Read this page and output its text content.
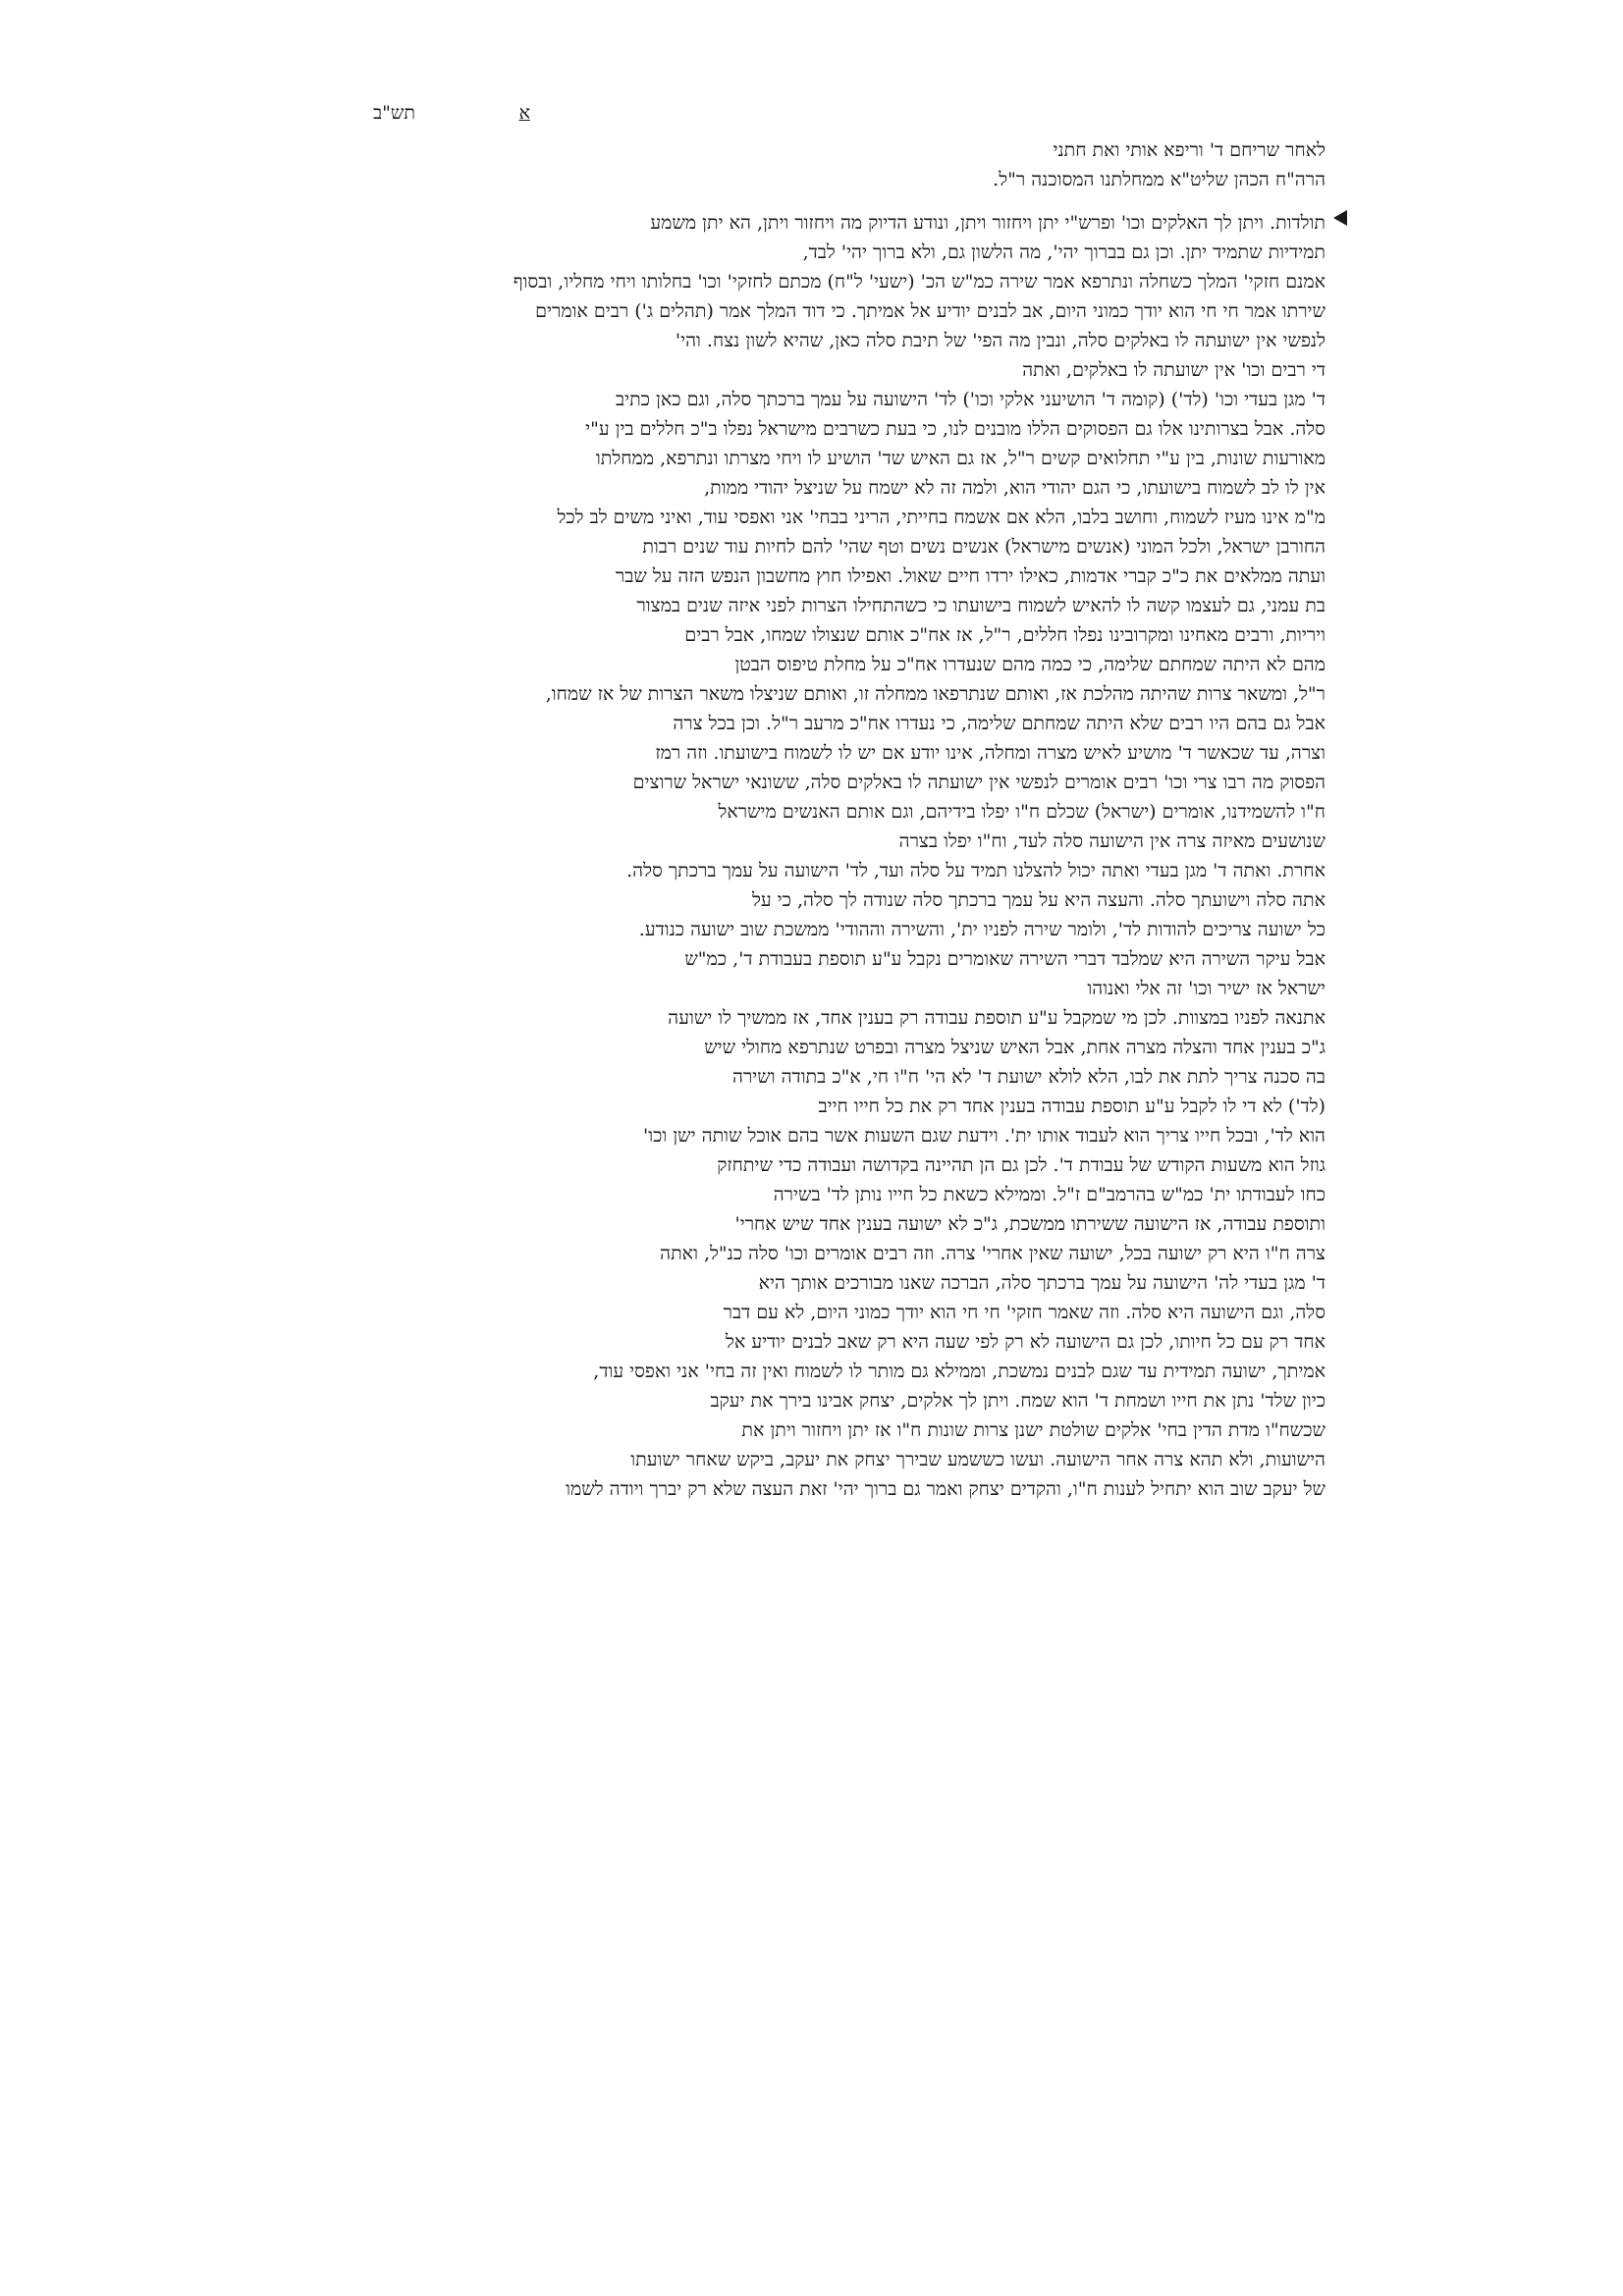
תש"ב	א
לאחר שריחם ד' וריפא אותי ואת חתני
הרה"ח הכהן שליט"א ממחלתנו המסוכנה ר"ל.
תולדות. ויתן לך האלקים וכו' ופרש"י יתן ויחזור ויתן, ונודע הדיוק מה ויחזור ויתן, הא יתן משמע
תמידיות שתמיד יתן. וכן גם בברוך יהי', מה הלשון גם, ולא ברוך יהי' לבד,
אמנם חזקי' המלך כשחלה ונתרפא אמר שירה כמ"ש הכ' (ישעי' ל"ח) מכתם לחזקי' וכו' בחלותו ויחי מחליו, ובסוף
שירתו אמר חי חי הוא יודך כמוני היום, אב לבנים יודיע אל אמיתך. כי דוד המלך אמר (תהלים ג') רבים אומרים
לנפשי אין ישועתה לו באלקים סלה, ונבין מה הפי' של תיבת סלה כאן, שהיא לשון נצח. והי'
די רבים וכו' אין ישועתה לו באלקים, ואתה
ד' מגן בעדי וכו' (לד') (קומה ד' הושיעני אלקי וכו') לד' הישועה על עמך ברכתך סלה, וגם כאן כתיב
סלה. אבל בצרותינו אלו גם הפסוקים הללו מובנים לנו, כי בעת כשרבים מישראל נפלו ב"כ חללים בין ע"י
מאורעות שונות, בין ע"י תחלואים קשים ר"ל, אז גם האיש שד' הושיע לו ויחי מצרתו ונתרפא, ממחלתו
אין לו לב לשמוח בישועתו, כי הגם יהודי הוא, ולמה זה לא ישמח על שניצל יהודי ממות,
מ"מ אינו מעיז לשמוח, וחושב בלבו, הלא אם אשמח בחייתי, הריני בבחי' אני ואפסי עוד, ואיני משים לב לכל
החורבן ישראל, ולכל המוני (אנשים מישראל) אנשים נשים וטף שהי' להם לחיות עוד שנים רבות
ועתה ממלאים את כ"כ קברי אדמות, כאילו ירדו חיים שאול. ואפילו חוץ מחשבון הנפש הזה על שבר
בת עמני, גם לעצמו קשה לו להאיש לשמוח בישועתו כי כשהתחילו הצרות לפני איזה שנים במצור
ויריות, ורבים מאחינו ומקרובינו נפלו חללים, ר"ל, אז אח"כ אותם שנצולו שמחו, אבל רבים
מהם לא היתה שמחתם שלימה, כי כמה מהם שנעדרו אח"כ על מחלת טיפוס הבטן
ר"ל, ומשאר צרות שהיתה מהלכת אז, ואותם שנתרפאו ממחלה זו, ואותם שניצלו משאר הצרות של אז שמחו,
אבל גם בהם היו רבים שלא היתה שמחתם שלימה, כי נעדרו אח"כ מרעב ר"ל. וכן בכל צרה
וצרה, עד שכאשר ד' מושיע לאיש מצרה ומחלה, אינו יודע אם יש לו לשמוח בישועתו. וזה רמז
הפסוק מה רבו צרי וכו' רבים אומרים לנפשי אין ישועתה לו באלקים סלה, ששונאי ישראל שרוצים
ח"ו להשמידנו, אומרים (ישראל) שכלם ח"ו יפלו בידיהם, וגם אותם האנשים מישראל
שנושעים מאיזה צרה אין הישועה סלה לעד, וח"ו יפלו בצרה
אחרת. ואתה ד' מגן בעדי ואתה יכול להצלנו תמיד על סלה ועד, לד' הישועה על עמך ברכתך סלה.
אתה סלה וישועתך סלה. והעצה היא על עמך ברכתך סלה שנודה לך סלה, כי על
כל ישועה צריכים להודות לד', ולומר שירה לפניו ית', והשירה וההודי' ממשכת שוב ישועה כנודע.
אבל עיקר השירה היא שמלבד דברי השירה שאומרים נקבל ע"ע תוספת בעבודת ד', כמ"ש
ישראל אז ישיר וכו' זה אלי ואנוהו
אתנאה לפניו במצוות. לכן מי שמקבל ע"ע תוספת עבודה רק בענין אחד, אז ממשיך לו ישועה
ג"כ בענין אחד והצלה מצרה אחת, אבל האיש שניצל מצרה ובפרט שנתרפא מחולי שיש
בה סכנה צריך לתת את לבו, הלא לולא ישועת ד' לא הי' ח"ו חי, א"כ בתודה ושירה
(לד') לא די לו לקבל ע"ע תוספת עבודה בענין אחד רק את כל חייו חייב
הוא לד', ובכל חייו צריך הוא לעבוד אותו ית'. וידעת שגם השעות אשר בהם אוכל שותה ישן וכו'
גוזל הוא משעות הקודש של עבודת ד'. לכן גם הן תהיינה בקדושה ועבודה כדי שיתחזק
כחו לעבודתו ית' כמ"ש בהרמב"ם ז"ל. וממילא כשאת כל חייו נותן לד' בשירה
ותוספת עבודה, אז הישועה ששירתו ממשכת, ג"כ לא ישועה בענין אחד שיש אחרי'
צרה ח"ו היא רק ישועה בכל, ישועה שאין אחרי' צרה. וזה רבים אומרים וכו' סלה כנ"ל, ואתה
ד' מגן בעדי לה' הישועה על עמך ברכתך סלה, הברכה שאנו מבורכים אותך היא
סלה, וגם הישועה היא סלה. וזה שאמר חזקי' חי חי הוא יודך כמוני היום, לא עם דבר
אחד רק עם כל חיותו, לכן גם הישועה לא רק לפי שעה היא רק שאב לבנים יודיע אל
אמיתך, ישועה תמידית עד שגם לבנים נמשכת, וממילא גם מותר לו לשמוח ואין זה בחי' אני ואפסי עוד,
כיון שלד' נתן את חייו ושמחת ד' הוא שמח. ויתן לך אלקים, יצחק אבינו בירך את יעקב
שכשח"ו מדת הדין בחי' אלקים שולטת ישנן צרות שונות ח"ו אז יתן ויחזור ויתן את
הישועות, ולא תהא צרה אחר הישועה. ועשו כששמע שבירך יצחק את יעקב, ביקש שאחר ישועתו
של יעקב שוב הוא יתחיל לענות ח"ו, והקדים יצחק ואמר גם ברוך יהי' זאת העצה שלא רק יברך ויודה לשמו
